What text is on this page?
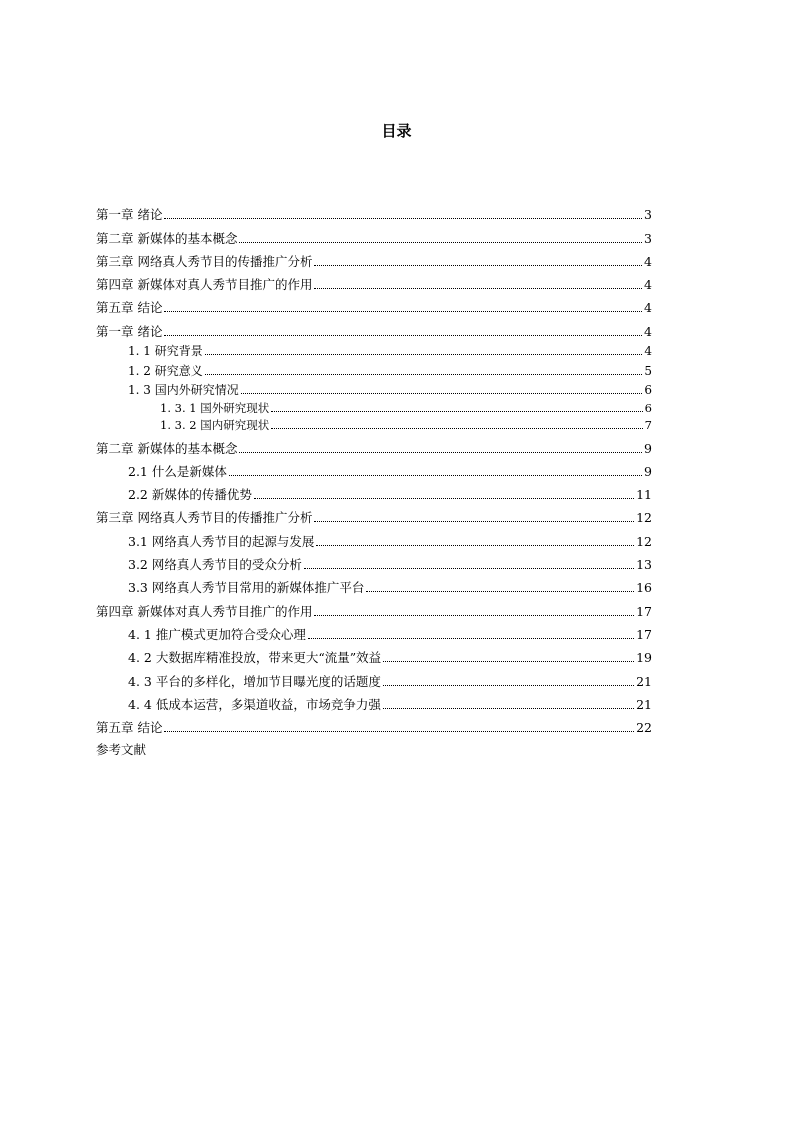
目录
第一章 绪论	3
第二章 新媒体的基本概念	3
第三章 网络真人秀节目的传播推广分析	4
第四章 新媒体对真人秀节目推广的作用	4
第五章 结论	4
第一章 绪论	4
1. 1 研究背景	4
1. 2 研究意义	5
1. 3 国内外研究情况	6
1. 3. 1 国外研究现状	6
1. 3. 2 国内研究现状	7
第二章 新媒体的基本概念	9
2.1 什么是新媒体	9
2.2 新媒体的传播优势	11
第三章 网络真人秀节目的传播推广分析	12
3.1 网络真人秀节目的起源与发展	12
3.2 网络真人秀节目的受众分析	13
3.3 网络真人秀节目常用的新媒体推广平台	16
第四章 新媒体对真人秀节目推广的作用	17
4. 1 推广模式更加符合受众心理	17
4. 2 大数据库精准投放，带来更大“流量”效益	19
4. 3 平台的多样化，增加节目曝光度的话题度	21
4. 4 低成本运营，多渠道收益，市场竞争力强	21
第五章 结论	22
参考文献
